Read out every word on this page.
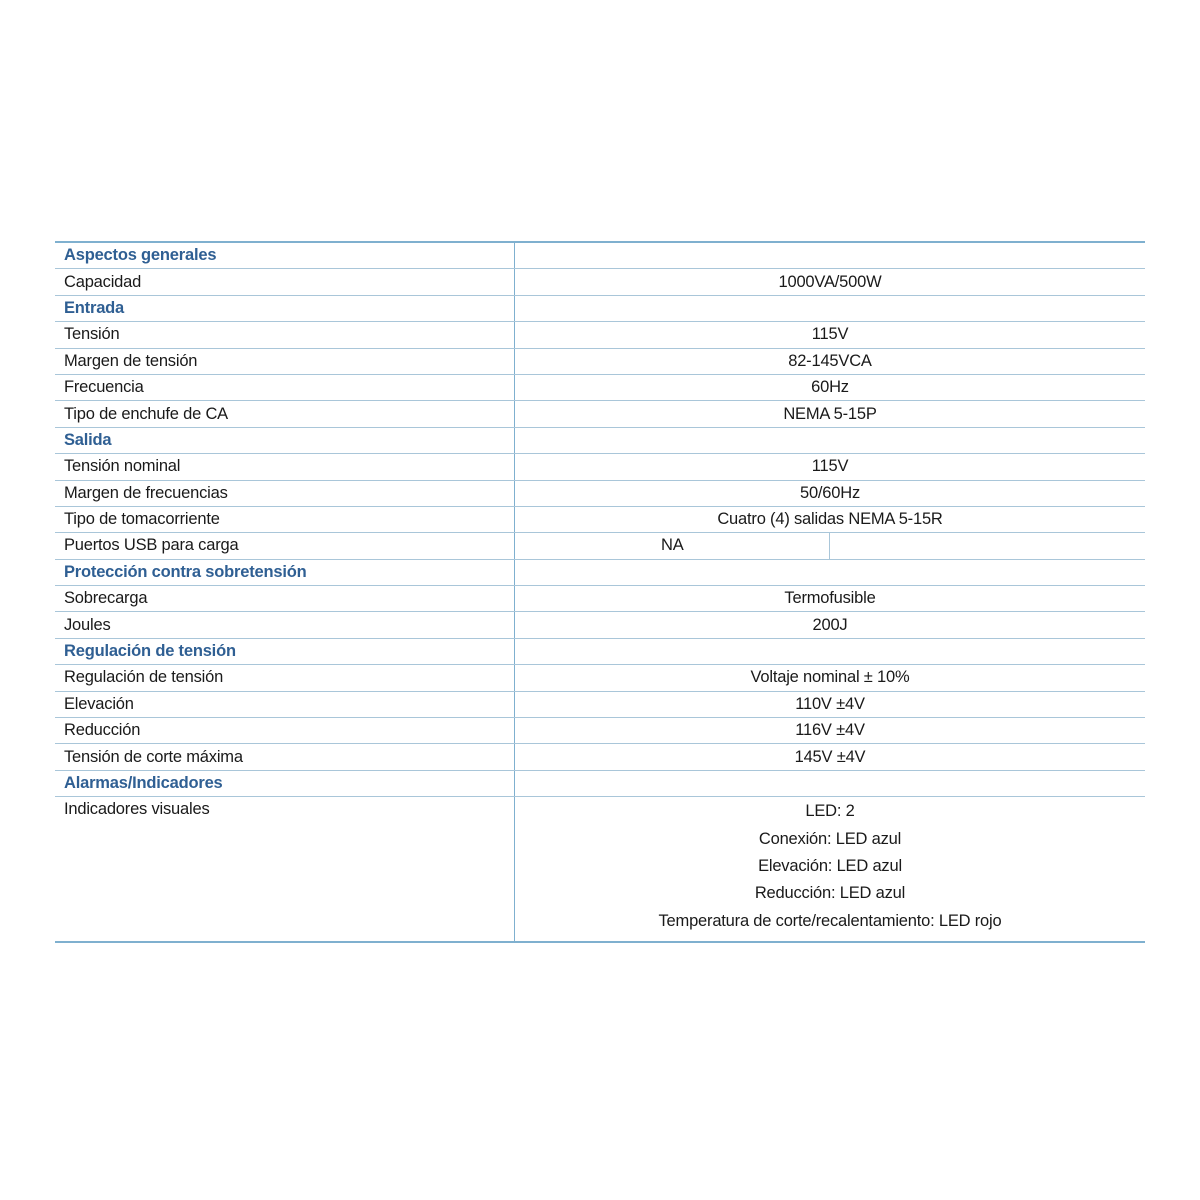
Aspectos generales
Capacidad	1000VA/500W
Entrada
Tensión	115V
Margen de tensión	82-145VCA
Frecuencia	60Hz
Tipo de enchufe de CA	NEMA 5-15P
Salida
Tensión nominal	115V
Margen de frecuencias	50/60Hz
Tipo de tomacorriente	Cuatro (4) salidas NEMA 5-15R
Puertos USB para carga	NA
Protección contra sobretensión
Sobrecarga	Termofusible
Joules	200J
Regulación de tensión
Regulación de tensión	Voltaje nominal ± 10%
Elevación	110V ±4V
Reducción	116V ±4V
Tensión de corte máxima	145V ±4V
Alarmas/Indicadores
Indicadores visuales	LED: 2
Conexión: LED azul
Elevación: LED azul
Reducción: LED azul
Temperatura de corte/recalentamiento: LED rojo
